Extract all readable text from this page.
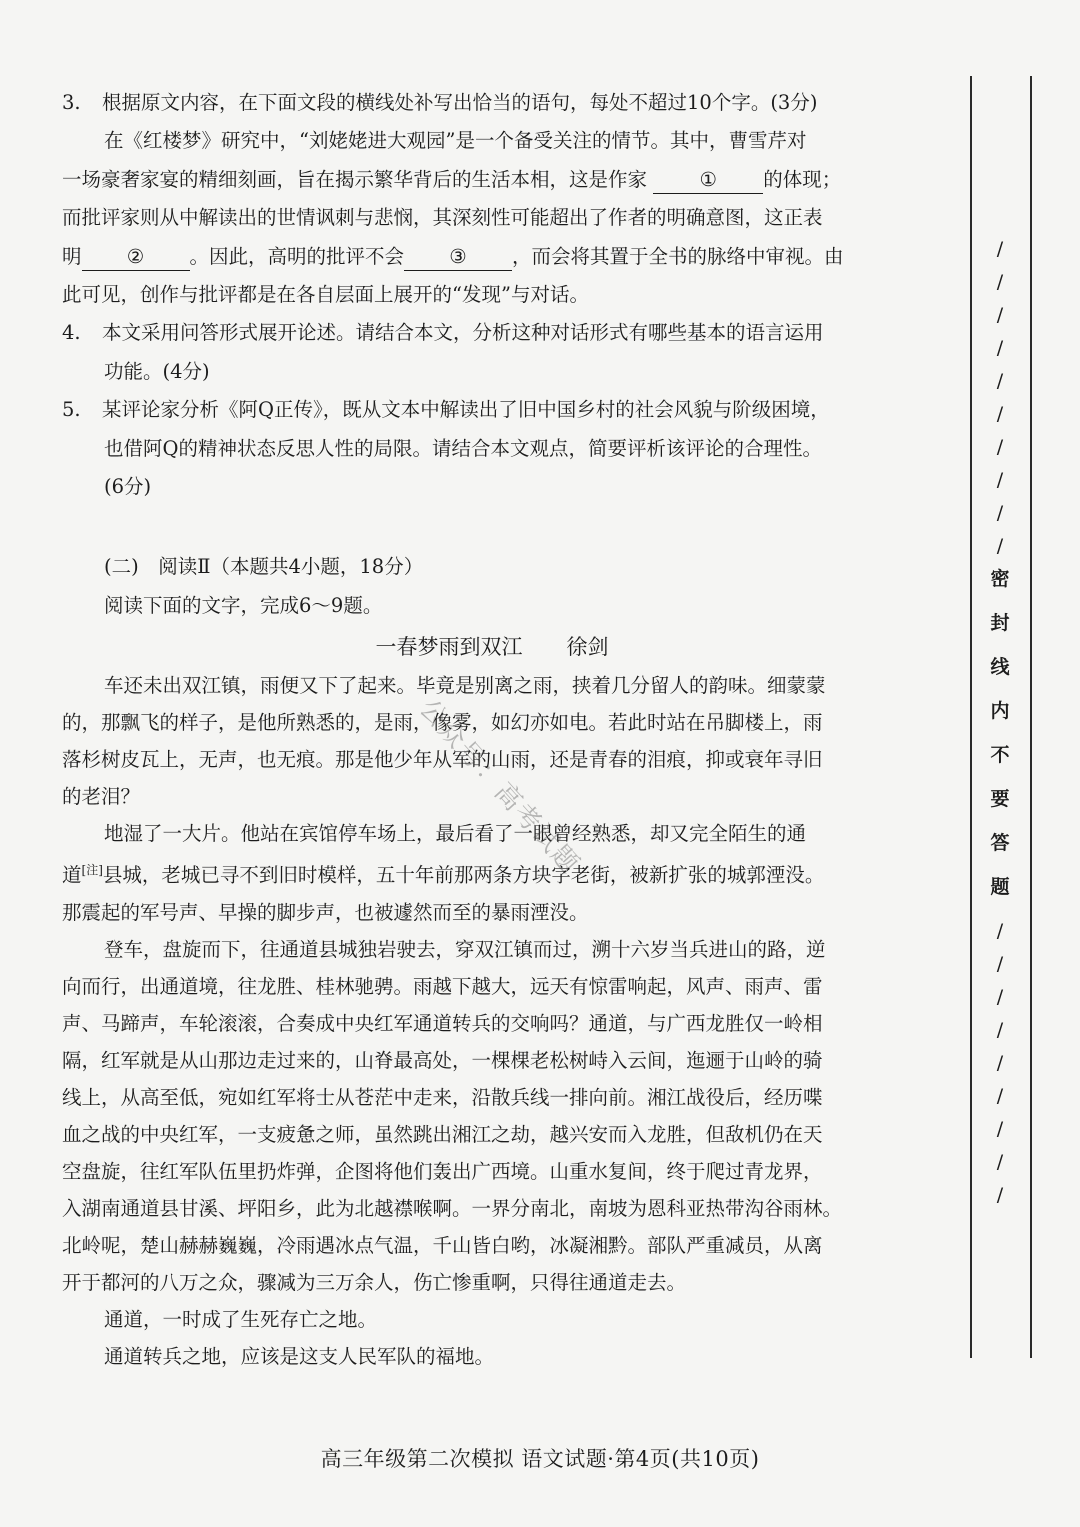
3. 根据原文内容，在下面文段的横线处补写出恰当的语句，每处不超过10个字。(3分)
在《红楼梦》研究中，“刘姥姥进大观园”是一个备受关注的情节。其中，曹雪芹对
一场豪奢家宴的精细刻画，旨在揭示繁华背后的生活本相，这是作家	① 的体现；
而批评家则从中解读出的世情讽刺与悲悯，其深刻性可能超出了作者的明确意图，这正表
明 ② 。因此，高明的批评不会 ③ ，而会将其置于全书的脉络中审视。由
此可见，创作与批评都是在各自层面上展开的“发现”与对话。
4. 本文采用问答形式展开论述。请结合本文，分析这种对话形式有哪些基本的语言运用
功能。(4分)
5. 某评论家分析《阿Q正传》，既从文本中解读出了旧中国乡村的社会风貌与阶级困境，
也借阿Q的精神状态反思人性的局限。请结合本文观点，简要评析该评论的合理性。
(6分)
(二)　阅读Ⅱ（本题共4小题，18分）
阅读下面的文字，完成6～9题。
一春梦雨到双江 徐剑
车还未出双江镇，雨便又下了起来。毕竟是别离之雨，挟着几分留人的韵味。细蒙蒙
的，那飘飞的样子，是他所熟悉的，是雨，像雾，如幻亦如电。若此时站在吊脚楼上，雨
落杉树皮瓦上，无声，也无痕。那是他少年从军的山雨，还是青春的泪痕，抑或衰年寻旧
的老泪？
地湿了一大片。他站在宾馆停车场上，最后看了一眼曾经熟悉，却又完全陌生的通
道[注]县城，老城已寻不到旧时模样，五十年前那两条方块字老街，被新扩张的城郭湮没。
那震起的军号声、早操的脚步声，也被遽然而至的暴雨湮没。
登车，盘旋而下，往通道县城独岩驶去，穿双江镇而过，溯十六岁当兵进山的路，逆
向而行，出通道境，往龙胜、桂林驰骋。雨越下越大，远天有惊雷响起，风声、雨声、雷
声、马蹄声，车轮滚滚，合奏成中央红军通道转兵的交响吗？通道，与广西龙胜仅一岭相
隔，红军就是从山那边走过来的，山脊最高处，一棵棵老松树峙入云间，迤逦于山岭的骑
线上，从高至低，宛如红军将士从苍茫中走来，沿散兵线一排向前。湘江战役后，经历喋
血之战的中央红军，一支疲惫之师，虽然跳出湘江之劫，越兴安而入龙胜，但敌机仍在天
空盘旋，往红军队伍里扔炸弹，企图将他们轰出广西境。山重水复间，终于爬过青龙界，
入湖南通道县甘溪、坪阳乡，此为北越襟喉啊。一界分南北，南坡为恩科亚热带沟谷雨林。
北岭呢，楚山赫赫巍巍，冷雨遇冰点气温，千山皆白哟，冰凝湘黔。部队严重减员，从离
开于都河的八万之众，骤减为三万余人，伤亡惨重啊，只得往通道走去。
通道，一时成了生死存亡之地。
通道转兵之地，应该是这支人民军队的福地。
/
/
/
/
/
/
/
/
/
/
密
封
线
内
不
要
答
题
/
/
/
/
/
/
/
/
/
公众号：高考试题
高三年级第二次模拟 语文试题·第4页(共10页)
